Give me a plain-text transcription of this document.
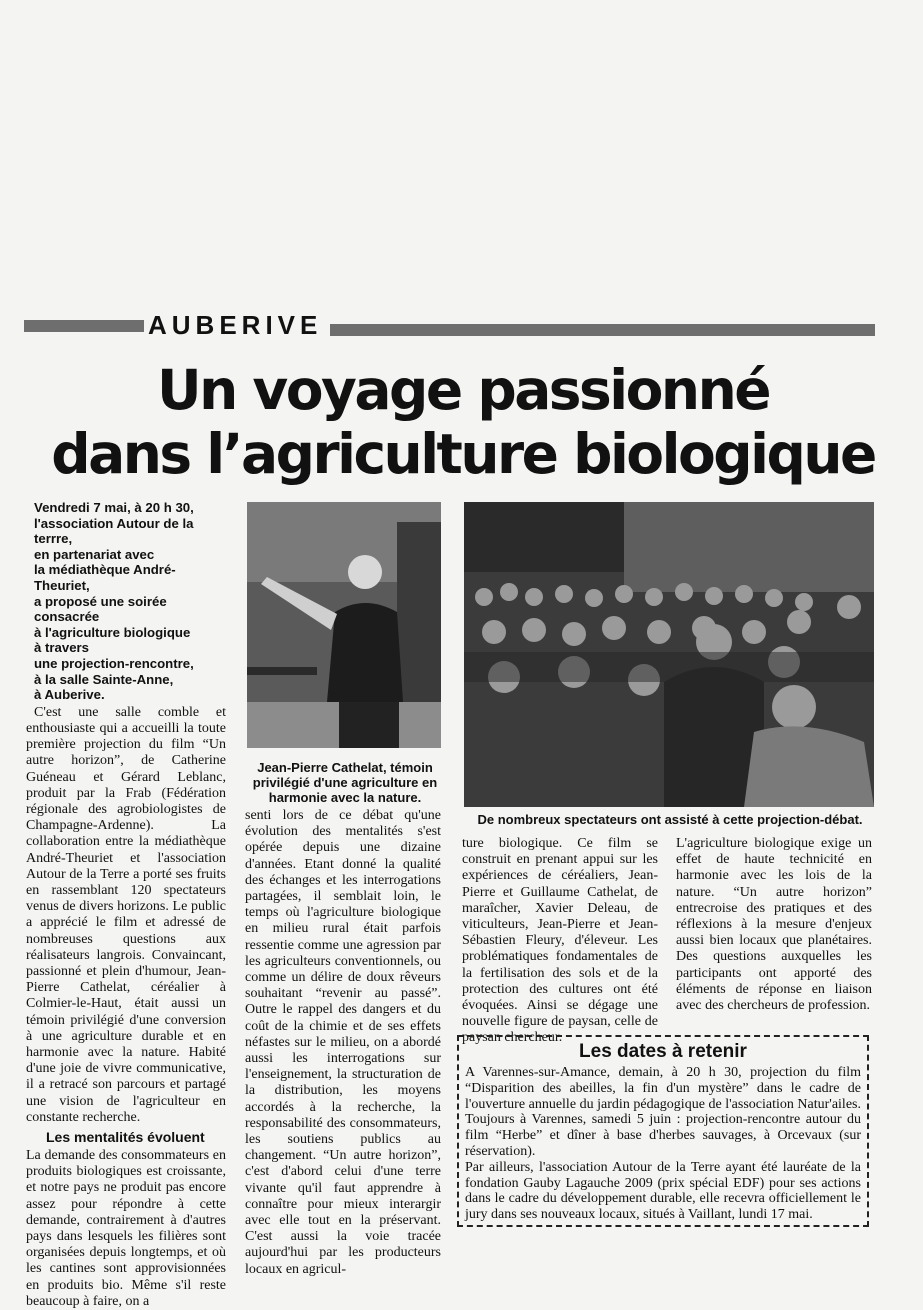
AUBERIVE
Un voyage passionné
dans l’agriculture biologique
Vendredi 7 mai, à 20 h 30,
l'association Autour de la terrre,
en partenariat avec
la médiathèque André-Theuriet,
a proposé une soirée consacrée
à l'agriculture biologique
à travers
une projection-rencontre,
à la salle Sainte-Anne,
à Auberive.

C'est une salle comble et enthousiaste qui a accueilli la toute première projection du film “Un autre horizon”, de Catherine Guéneau et Gérard Leblanc, produit par la Frab (Fédération régionale des agrobiologistes de Champagne-Ardenne). La collaboration entre la médiathèque André-Theuriet et l'association Autour de la Terre a porté ses fruits en rassemblant 120 spectateurs venus de divers horizons. Le public a apprécié le film et adressé de nombreuses questions aux réalisateurs langrois. Convaincant, passionné et plein d'humour, Jean-Pierre Cathelat, céréalier à Colmier-le-Haut, était aussi un témoin privilégié d'une conversion à une agriculture durable et en harmonie avec la nature. Habité d'une joie de vivre communicative, il a retracé son parcours et partagé une vision de l'agriculteur en constante recherche.

Les mentalités évoluent

La demande des consommateurs en produits biologiques est croissante, et notre pays ne produit pas encore assez pour répondre à cette demande, contrairement à d'autres pays dans lesquels les filières sont organisées depuis longtemps, et où les cantines sont approvisionnées en produits bio. Même s'il reste beaucoup à faire, on a

Jean-Pierre Cathelat, témoin privilégié d'une agriculture en harmonie avec la nature.
De nombreux spectateurs ont assisté à cette projection-débat.

senti lors de ce débat qu'une évolution des mentalités s'est opérée depuis une dizaine d'années. Etant donné la qualité des échanges et les interrogations partagées, il semblait loin, le temps où l'agriculture biologique en milieu rural était parfois ressentie comme une agression par les agriculteurs conventionnels, ou comme un délire de doux rêveurs souhaitant “revenir au passé”. Outre le rappel des dangers et du coût de la chimie et de ses effets néfastes sur le milieu, on a abordé aussi les interrogations sur l'enseignement, la structuration de la distribution, les moyens accordés à la recherche, la responsabilité des consommateurs, les soutiens publics au changement. “Un autre horizon”, c'est d'abord celui d'une terre vivante qu'il faut apprendre à connaître pour mieux interargir avec elle tout en la préservant. C'est aussi la voie tracée aujourd'hui par les producteurs locaux en agricul-

ture biologique. Ce film se construit en prenant appui sur les expériences de céréaliers, Jean-Pierre et Guillaume Cathelat, de maraîcher, Xavier Deleau, de viticulteurs, Jean-Pierre et Jean-Sébastien Fleury, d'éleveur. Les problématiques fondamentales de la fertilisation des sols et de la protection des cultures ont été évoquées. Ainsi se dégage une nouvelle figure de paysan, celle de paysan chercheur.

L'agriculture biologique exige un effet de haute technicité en harmonie avec les lois de la nature. “Un autre horizon” entrecroise des pratiques et des réflexions à la mesure d'enjeux aussi bien locaux que planétaires. Des questions auxquelles les participants ont apporté des éléments de réponse en liaison avec des chercheurs de profession.

Les dates à retenir

A Varennes-sur-Amance, demain, à 20 h 30, projection du film “Disparition des abeilles, la fin d'un mystère” dans le cadre de l'ouverture annuelle du jardin pédagogique de l'association Natur'ailes. Toujours à Varennes, samedi 5 juin : projection-rencontre autour du film “Herbe” et dîner à base d'herbes sauvages, à Orcevaux (sur réservation).

Par ailleurs, l'association Autour de la Terre ayant été lauréate de la fondation Gauby Lagauche 2009 (prix spécial EDF) pour ses actions dans le cadre du développement durable, elle recevra officiellement le jury dans ses nouveaux locaux, situés à Vaillant, lundi 17 mai.
